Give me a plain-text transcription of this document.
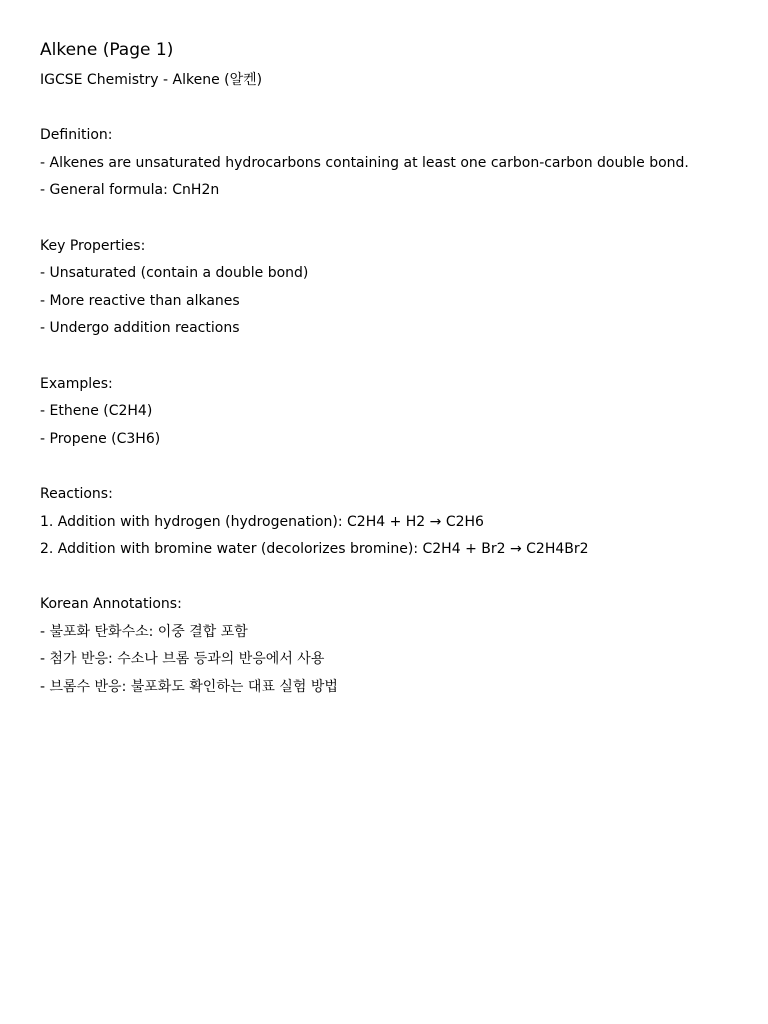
Alkene (Page 1)
IGCSE Chemistry - Alkene (알켄)
Definition:
- Alkenes are unsaturated hydrocarbons containing at least one carbon-carbon double bond.
- General formula: CnH2n
Key Properties:
- Unsaturated (contain a double bond)
- More reactive than alkanes
- Undergo addition reactions
Examples:
- Ethene (C2H4)
- Propene (C3H6)
Reactions:
1. Addition with hydrogen (hydrogenation): C2H4 + H2 → C2H6
2. Addition with bromine water (decolorizes bromine): C2H4 + Br2 → C2H4Br2
Korean Annotations:
- 불포화 탄화수소: 이중 결합 포함
- 첨가 반응: 수소나 브롬 등과의 반응에서 사용
- 브롬수 반응: 불포화도 확인하는 대표 실험 방법
